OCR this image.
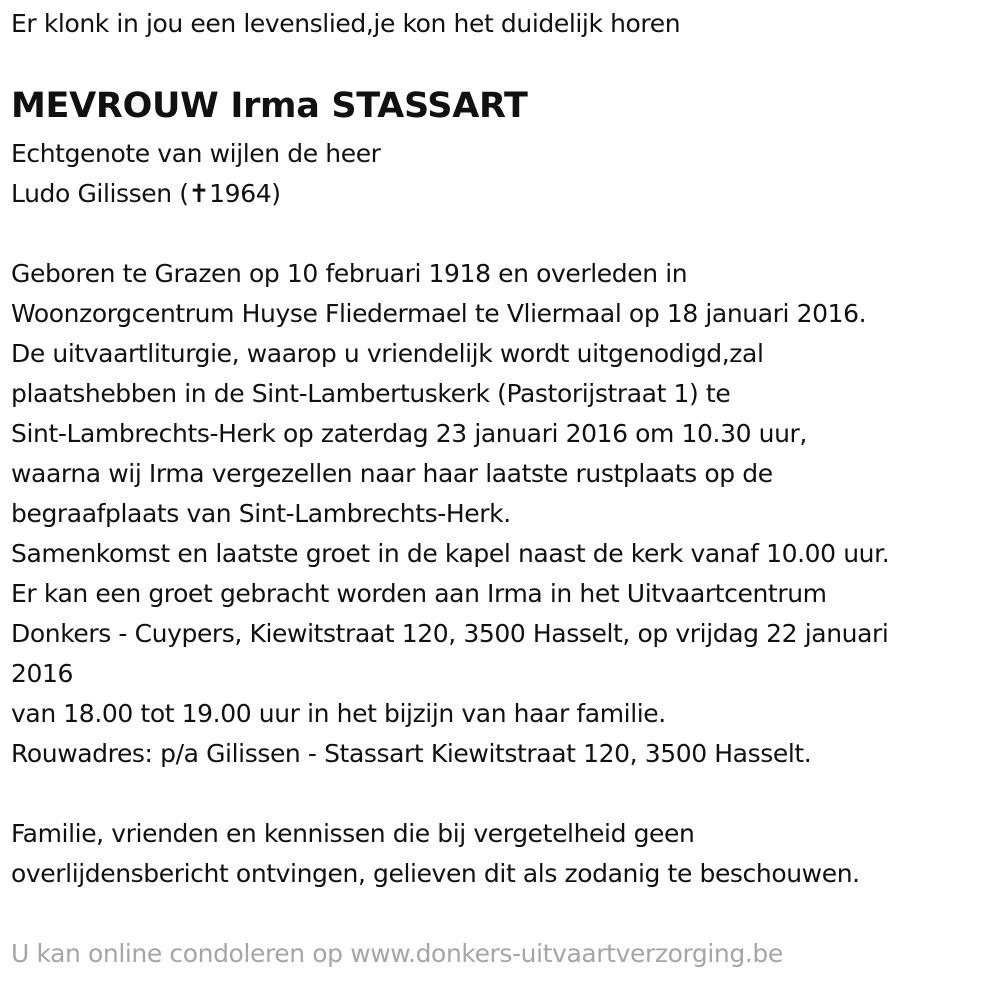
Er klonk in jou een levenslied,je kon het duidelijk horen
MEVROUW Irma STASSART
Echtgenote van wijlen de heer
Ludo Gilissen (✝1964)
Geboren te Grazen op 10 februari 1918 en overleden in
Woonzorgcentrum Huyse Fliedermael te Vliermaal op 18 januari 2016.
De uitvaartliturgie, waarop u vriendelijk wordt uitgenodigd,zal
plaatshebben in de Sint-Lambertuskerk (Pastorijstraat 1) te
Sint-Lambrechts-Herk op zaterdag 23 januari 2016 om 10.30 uur,
waarna wij Irma vergezellen naar haar laatste rustplaats op de
begraafplaats van Sint-Lambrechts-Herk.
Samenkomst en laatste groet in de kapel naast de kerk vanaf 10.00 uur.
Er kan een groet gebracht worden aan Irma in het Uitvaartcentrum
Donkers - Cuypers, Kiewitstraat 120, 3500 Hasselt, op vrijdag 22 januari
2016
van 18.00 tot 19.00 uur in het bijzijn van haar familie.
Rouwadres: p/a Gilissen - Stassart Kiewitstraat 120, 3500 Hasselt.
Familie, vrienden en kennissen die bij vergetelheid geen
overlijdensbericht ontvingen, gelieven dit als zodanig te beschouwen.
U kan online condoleren op www.donkers-uitvaartverzorging.be
